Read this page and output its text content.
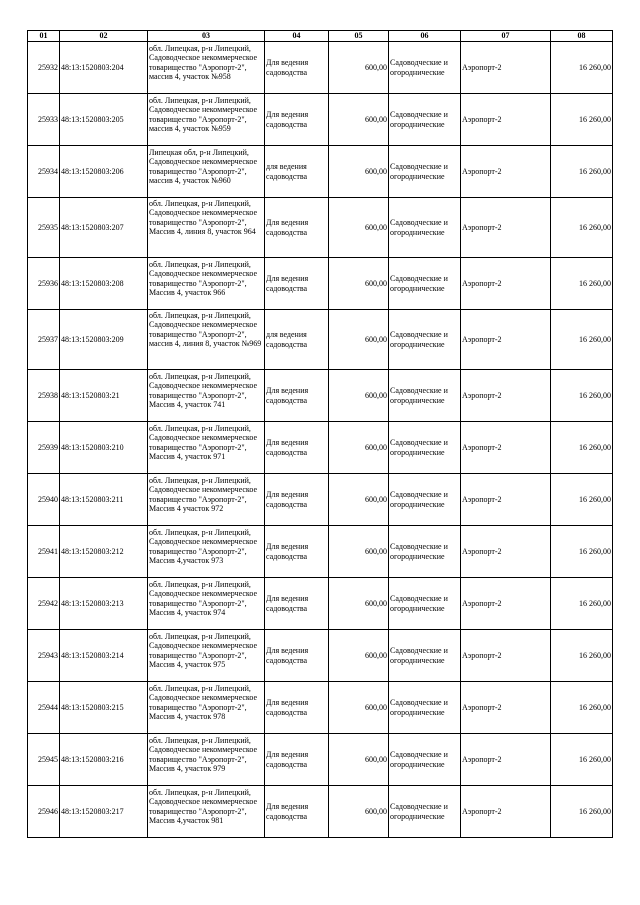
01	02	03	04	05	06	07	08
25932	48:13:1520803:204	обл. Липецкая, р-н Липецкий, Садоводческое некоммерческое товарищество "Аэропорт-2", массив 4, участок №958	Для ведения садоводства	600,00	Садоводческие и огороднические	Аэропорт-2	16 260,00
25933	48:13:1520803:205	обл. Липецкая, р-н Липецкий, Садоводческое некоммерческое товарищество "Аэропорт-2", массив 4, участок №959	Для ведения садоводства	600,00	Садоводческие и огороднические	Аэропорт-2	16 260,00
25934	48:13:1520803:206	Липецкая обл, р-н Липецкий, Садоводческое некоммерческое товарищество "Аэропорт-2", массив 4, участок №960	для ведения садоводства	600,00	Садоводческие и огороднические	Аэропорт-2	16 260,00
25935	48:13:1520803:207	обл. Липецкая, р-н Липецкий, Садоводческое некоммерческое товарищество "Аэропорт-2", Массив 4, линия 8, участок 964	Для ведения садоводства	600,00	Садоводческие и огороднические	Аэропорт-2	16 260,00
25936	48:13:1520803:208	обл. Липецкая, р-н Липецкий, Садоводческое некоммерческое товарищество "Аэропорт-2", Массив 4, участок 966	Для ведения садоводства	600,00	Садоводческие и огороднические	Аэропорт-2	16 260,00
25937	48:13:1520803:209	обл. Липецкая, р-н Липецкий, Садоводческое некоммерческое товарищество "Аэропорт-2", массив 4, линия 8, участок №969	для ведения садоводства	600,00	Садоводческие и огороднические	Аэропорт-2	16 260,00
25938	48:13:1520803:21	обл. Липецкая, р-н Липецкий, Садоводческое некоммерческое товарищество "Аэропорт-2", Массив 4, участок 741	Для ведения садоводства	600,00	Садоводческие и огороднические	Аэропорт-2	16 260,00
25939	48:13:1520803:210	обл. Липецкая, р-н Липецкий, Садоводческое некоммерческое товарищество "Аэропорт-2", Массив 4, участок 971	Для ведения садоводства	600,00	Садоводческие и огороднические	Аэропорт-2	16 260,00
25940	48:13:1520803:211	обл. Липецкая, р-н Липецкий, Садоводческое некоммерческое товарищество "Аэропорт-2", Массив 4 участок 972	Для ведения садоводства	600,00	Садоводческие и огороднические	Аэропорт-2	16 260,00
25941	48:13:1520803:212	обл. Липецкая, р-н Липецкий, Садоводческое некоммерческое товарищество "Аэропорт-2", Массив 4,участок 973	Для ведения садоводства	600,00	Садоводческие и огороднические	Аэропорт-2	16 260,00
25942	48:13:1520803:213	обл. Липецкая, р-н Липецкий, Садоводческое некоммерческое товарищество "Аэропорт-2", Массив 4, участок 974	Для ведения садоводства	600,00	Садоводческие и огороднические	Аэропорт-2	16 260,00
25943	48:13:1520803:214	обл. Липецкая, р-н Липецкий, Садоводческое некоммерческое товарищество "Аэропорт-2", Массив 4, участок 975	Для ведения садоводства	600,00	Садоводческие и огороднические	Аэропорт-2	16 260,00
25944	48:13:1520803:215	обл. Липецкая, р-н Липецкий, Садоводческое некоммерческое товарищество "Аэропорт-2", Массив 4, участок 978	Для ведения садоводства	600,00	Садоводческие и огороднические	Аэропорт-2	16 260,00
25945	48:13:1520803:216	обл. Липецкая, р-н Липецкий, Садоводческое некоммерческое товарищество "Аэропорт-2", Массив 4, участок 979	Для ведения садоводства	600,00	Садоводческие и огороднические	Аэропорт-2	16 260,00
25946	48:13:1520803:217	обл. Липецкая, р-н Липецкий, Садоводческое некоммерческое товарищество "Аэропорт-2", Массив 4,участок 981	Для ведения садоводства	600,00	Садоводческие и огороднические	Аэропорт-2	16 260,00
